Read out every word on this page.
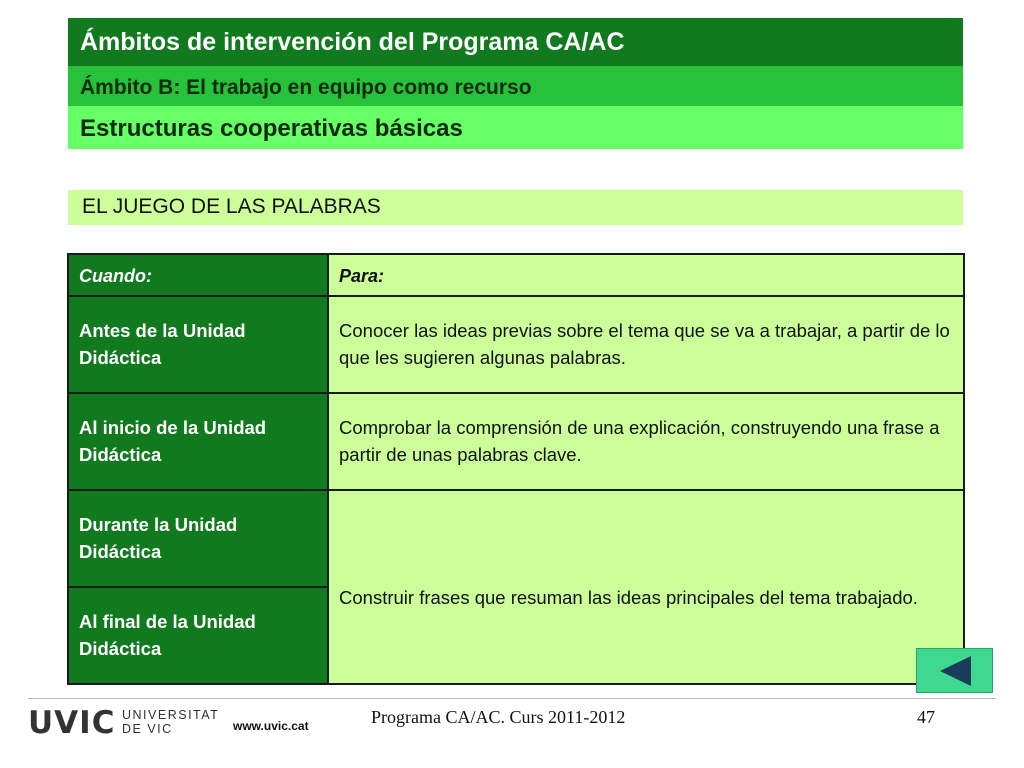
Ámbitos de intervención del Programa CA/AC
Ámbito B: El trabajo en equipo como recurso
Estructuras cooperativas básicas
EL JUEGO DE LAS PALABRAS
Cuando:	Para:
Antes de la Unidad Didáctica	Conocer las ideas previas sobre el tema que se va a trabajar, a partir de lo que les sugieren algunas palabras.
Al inicio de la Unidad Didáctica	Comprobar la comprensión de una explicación, construyendo una frase a partir de unas palabras clave.
Durante la Unidad Didáctica	Construir frases que resuman las ideas principales del tema trabajado.
Al final de la Unidad Didáctica	
UVIC UNIVERSITAT
DE VIC	www.uvic.cat	Programa CA/AC. Curs 2011-2012	47
